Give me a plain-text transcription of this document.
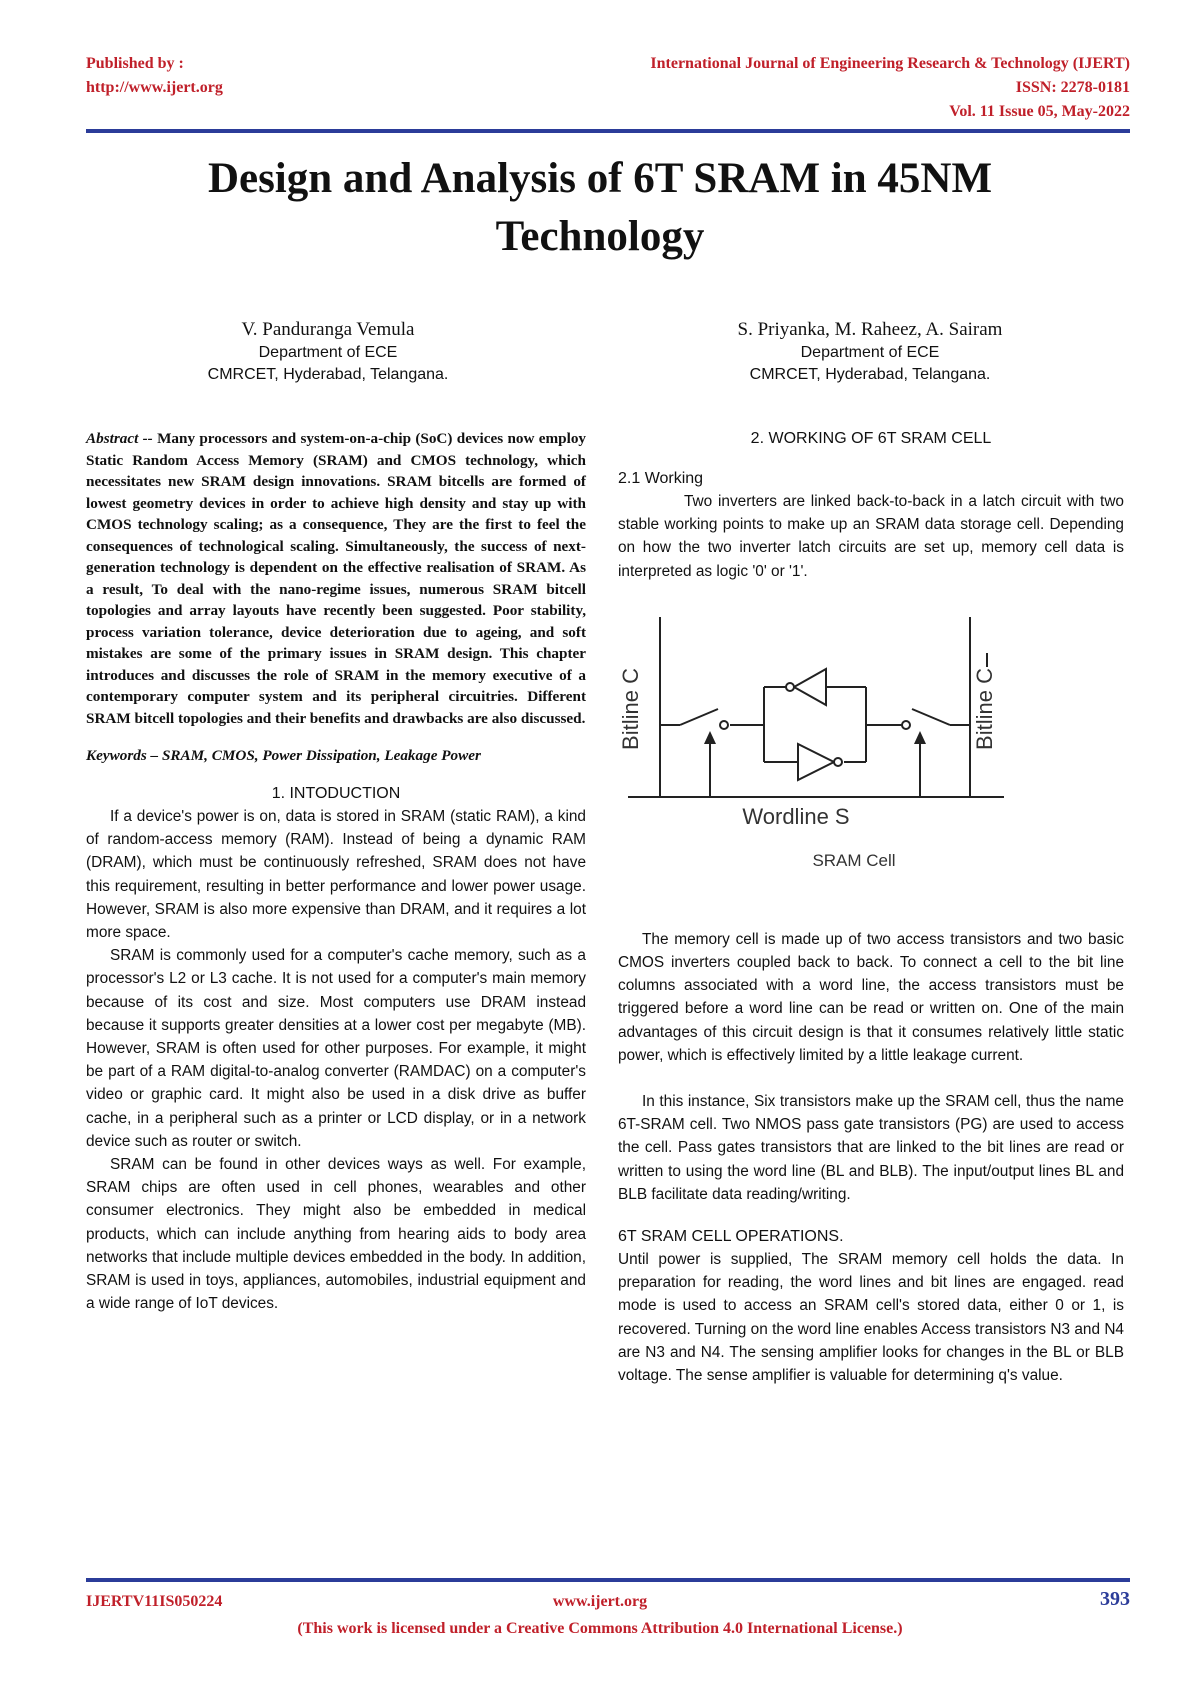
Published by :
http://www.ijert.org
International Journal of Engineering Research & Technology (IJERT)
ISSN: 2278-0181
Vol. 11 Issue 05, May-2022
Design and Analysis of 6T SRAM in 45NM
Technology
V. Panduranga Vemula
Department of ECE
CMRCET, Hyderabad, Telangana.
S. Priyanka, M. Raheez, A. Sairam
Department of ECE
CMRCET, Hyderabad, Telangana.

Abstract -- Many processors and system-on-a-chip (SoC) devices now employ Static Random Access Memory (SRAM) and CMOS technology, which necessitates new SRAM design innovations. SRAM bitcells are formed of lowest geometry devices in order to achieve high density and stay up with CMOS technology scaling; as a consequence, They are the first to feel the consequences of technological scaling. Simultaneously, the success of next-generation technology is dependent on the effective realisation of SRAM. As a result, To deal with the nano-regime issues, numerous SRAM bitcell topologies and array layouts have recently been suggested. Poor stability, process variation tolerance, device deterioration due to ageing, and soft mistakes are some of the primary issues in SRAM design. This chapter introduces and discusses the role of SRAM in the memory executive of a contemporary computer system and its peripheral circuitries. Different SRAM bitcell topologies and their benefits and drawbacks are also discussed.

Keywords – SRAM, CMOS, Power Dissipation, Leakage Power

1. INTODUCTION

If a device's power is on, data is stored in SRAM (static RAM), a kind of random-access memory (RAM). Instead of being a dynamic RAM (DRAM), which must be continuously refreshed, SRAM does not have this requirement, resulting in better performance and lower power usage. However, SRAM is also more expensive than DRAM, and it requires a lot more space.

SRAM is commonly used for a computer's cache memory, such as a processor's L2 or L3 cache. It is not used for a computer's main memory because of its cost and size. Most computers use DRAM instead because it supports greater densities at a lower cost per megabyte (MB). However, SRAM is often used for other purposes. For example, it might be part of a RAM digital-to-analog converter (RAMDAC) on a computer's video or graphic card. It might also be used in a disk drive as buffer cache, in a peripheral such as a printer or LCD display, or in a network device such as router or switch.

SRAM can be found in other devices ways as well. For example, SRAM chips are often used in cell phones, wearables and other consumer electronics. They might also be embedded in medical products, which can include anything from hearing aids to body area networks that include multiple devices embedded in the body. In addition, SRAM is used in toys, appliances, automobiles, industrial equipment and a wide range of IoT devices.

2. WORKING OF 6T SRAM CELL

2.1 Working

Two inverters are linked back-to-back in a latch circuit with two stable working points to make up an SRAM data storage cell. Depending on how the two inverter latch circuits are set up, memory cell data is interpreted as logic '0' or '1'.

Bitline C	Bitline C
Wordline S
SRAM Cell

The memory cell is made up of two access transistors and two basic CMOS inverters coupled back to back. To connect a cell to the bit line columns associated with a word line, the access transistors must be triggered before a word line can be read or written on. One of the main advantages of this circuit design is that it consumes relatively little static power, which is effectively limited by a little leakage current.

In this instance, Six transistors make up the SRAM cell, thus the name 6T-SRAM cell. Two NMOS pass gate transistors (PG) are used to access the cell. Pass gates transistors that are linked to the bit lines are read or written to using the word line (BL and BLB). The input/output lines BL and BLB facilitate data reading/writing.

6T SRAM CELL OPERATIONS.

Until power is supplied, The SRAM memory cell holds the data. In preparation for reading, the word lines and bit lines are engaged. read mode is used to access an SRAM cell's stored data, either 0 or 1, is recovered. Turning on the word line enables Access transistors N3 and N4 are N3 and N4. The sensing amplifier looks for changes in the BL or BLB voltage. The sense amplifier is valuable for determining q's value.

IJERTV11IS050224	www.ijert.org	393
(This work is licensed under a Creative Commons Attribution 4.0 International License.)
